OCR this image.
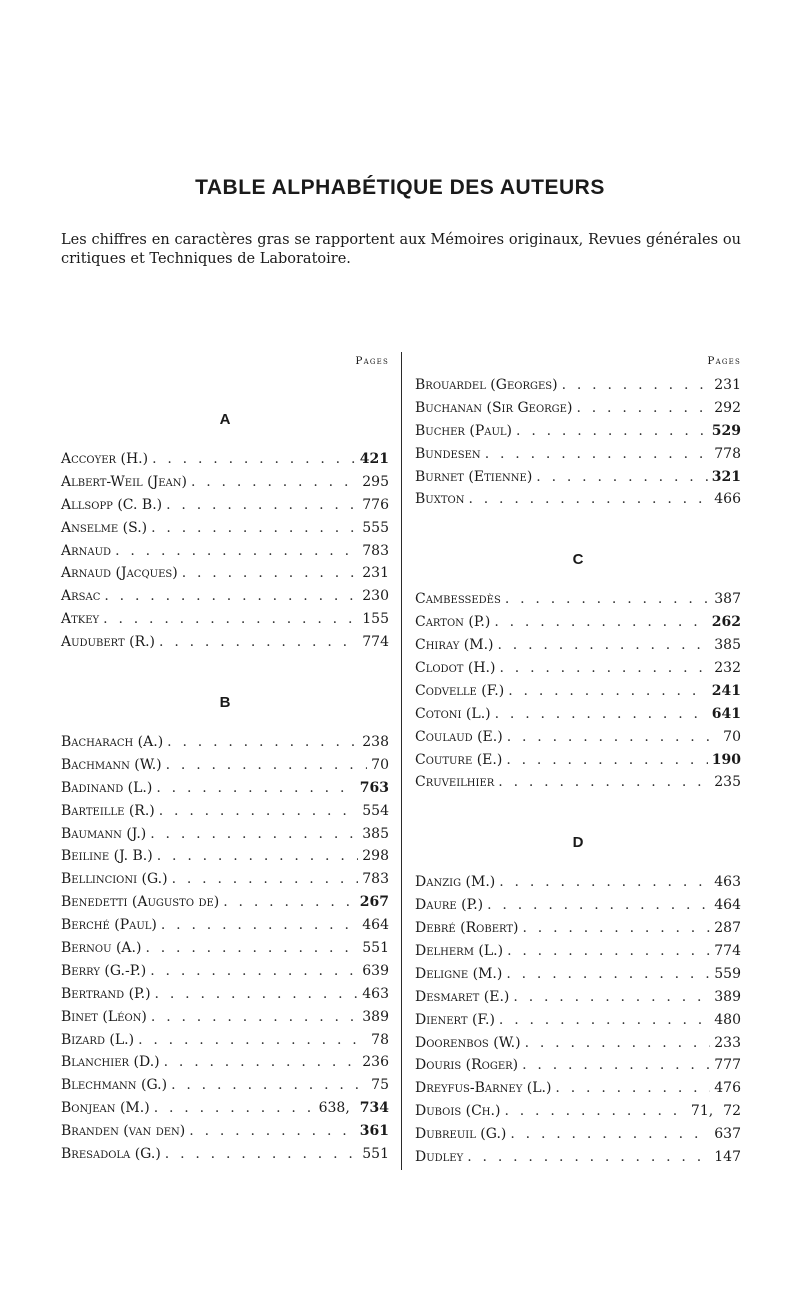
TABLE ALPHABÉTIQUE DES AUTEURS
Les chiffres en caractères gras se rapportent aux Mémoires originaux, Revues générales ou critiques et Techniques de Laboratoire.
Pages
A
Accoyer (H.) . . .	421
Albert-Weil (Jean) . . .	295
Allsopp (C. B.) . . .	776
Anselme (S.) . . .	555
Arnaud . . .	783
Arnaud (Jacques) . . .	231
Arsac . . .	230
Atkey . . .	155
Audubert (R.) . . .	774
B
Bacharach (A.) . . .	238
Bachmann (W.) . . .	70
Badinand (L.) . . .	763
Barteille (R.) . . .	554
Baumann (J.) . . .	385
Beiline (J. B.) . . .	298
Bellincioni (G.) . . .	783
Benedetti (Augusto de) . . .	267
Berché (Paul) . . .	464
Bernou (A.) . . .	551
Berry (G.-P.) . . .	639
Bertrand (P.) . . .	463
Binet (Léon) . . .	389
Bizard (L.) . . .	78
Blanchier (D.) . . .	236
Blechmann (G.) . . .	75
Bonjean (M.) . . .	638, 734
Branden (van den) . . .	361
Bresadola (G.) . . .	551
Pages
Brouardel (Georges) . . .	231
Buchanan (Sir George) . . .	292
Bucher (Paul) . . .	529
Bundesen . . .	778
Burnet (Etienne) . . .	321
Buxton . . .	466
C
Cambessedès . . .	387
Carton (P.) . . .	262
Chiray (M.) . . .	385
Clodot (H.) . . .	232
Codvelle (F.) . . .	241
Cotoni (L.) . . .	641
Coulaud (E.) . . .	70
Couture (E.) . . .	190
Cruveilhier . . .	235
D
Danzig (M.) . . .	463
Daure (P.) . . .	464
Debré (Robert) . . .	287
Delherm (L.) . . .	774
Deligne (M.) . . .	559
Desmaret (E.) . . .	389
Dienert (F.) . . .	480
Doorenbos (W.) . . .	233
Douris (Roger) . . .	777
Dreyfus-Barney (L.) . . .	476
Dubois (Ch.) . . .	71, 72
Dubreuil (G.) . . .	637
Dudley . . .	147
